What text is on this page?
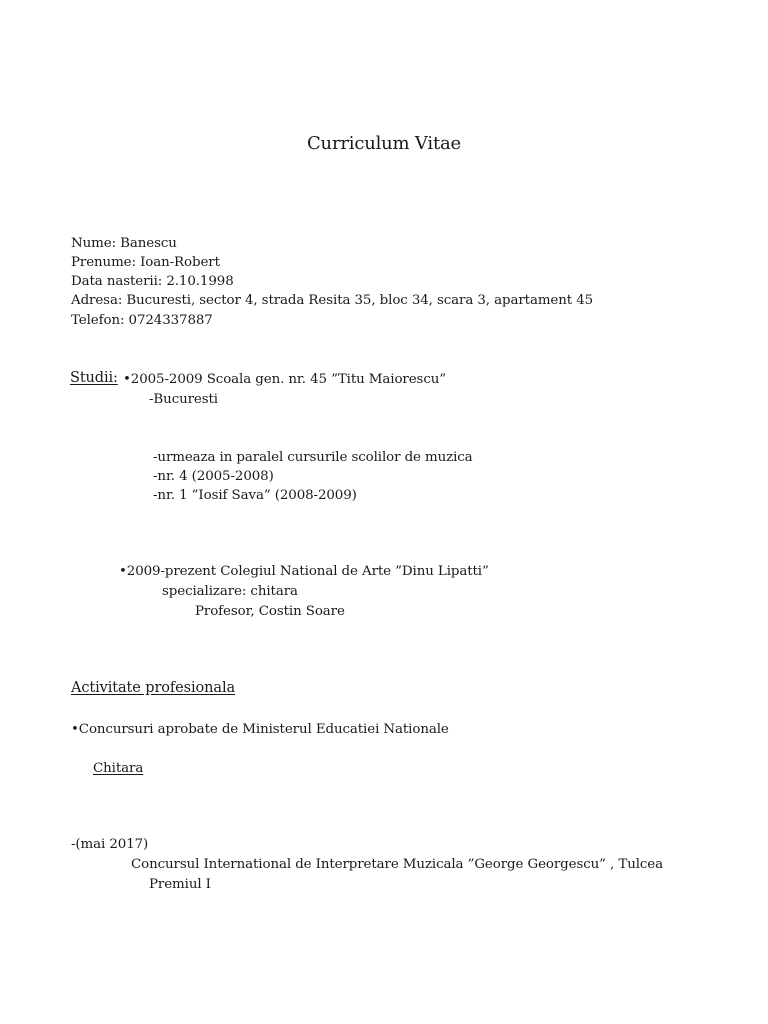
Curriculum Vitae
Nume: Banescu
Prenume: Ioan-Robert
Data nasterii: 2.10.1998
Adresa: Bucuresti, sector 4, strada Resita 35, bloc 34, scara 3, apartament 45
Telefon: 0724337887
Studii: •2005-2009 Scoala gen. nr. 45 ”Titu Maiorescu”
-Bucuresti
-urmeaza in paralel cursurile scolilor de muzica
-nr. 4 (2005-2008)
-nr. 1 ”Iosif Sava” (2008-2009)
•2009-prezent Colegiul National de Arte ”Dinu Lipatti”
specializare: chitara
Profesor, Costin Soare
Activitate profesionala
•Concursuri aprobate de Ministerul Educatiei Nationale
Chitara
-(mai 2017)
Concursul International de Interpretare Muzicala ”George Georgescu” , Tulcea
Premiul I
